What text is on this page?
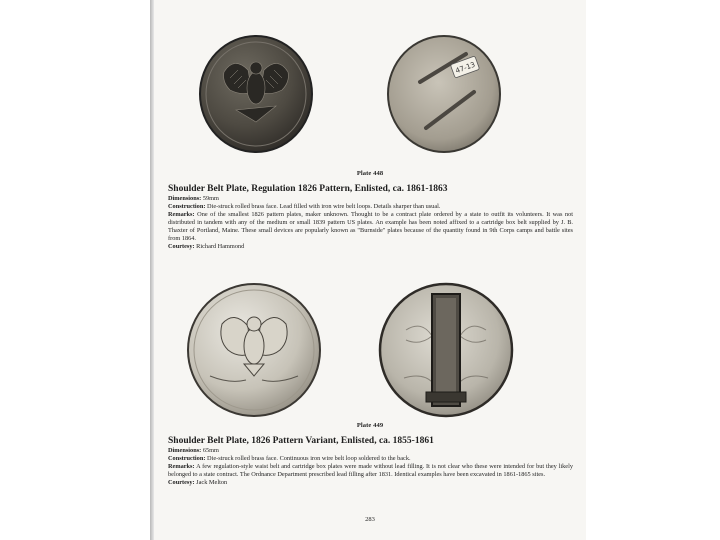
47-13
Plate 448
Shoulder Belt Plate, Regulation 1826 Pattern, Enlisted, ca. 1861-1863
Dimensions: 59mm
Construction: Die-struck rolled brass face. Lead filled with iron wire belt loops. Details sharper than usual.
Remarks: One of the smallest 1826 pattern plates, maker unknown. Thought to be a contract plate ordered by a state to outfit its volunteers. It was not distributed in tandem with any of the medium or small 1839 pattern US plates. An example has been noted affixed to a cartridge box belt supplied by J. B. Thaxter of Portland, Maine. These small devices are popularly known as "Burnside" plates because of the quantity found in 9th Corps camps and battle sites from 1864.
Courtesy: Richard Hammond
Plate 449
Shoulder Belt Plate, 1826 Pattern Variant, Enlisted, ca. 1855-1861
Dimensions: 65mm
Construction: Die-struck rolled brass face. Continuous iron wire belt loop soldered to the back.
Remarks: A few regulation-style waist belt and cartridge box plates were made without lead filling. It is not clear who these were intended for but they likely belonged to a state contract. The Ordnance Department prescribed lead filling after 1831. Identical examples have been excavated in 1861-1865 sites.
Courtesy: Jack Melton
283
